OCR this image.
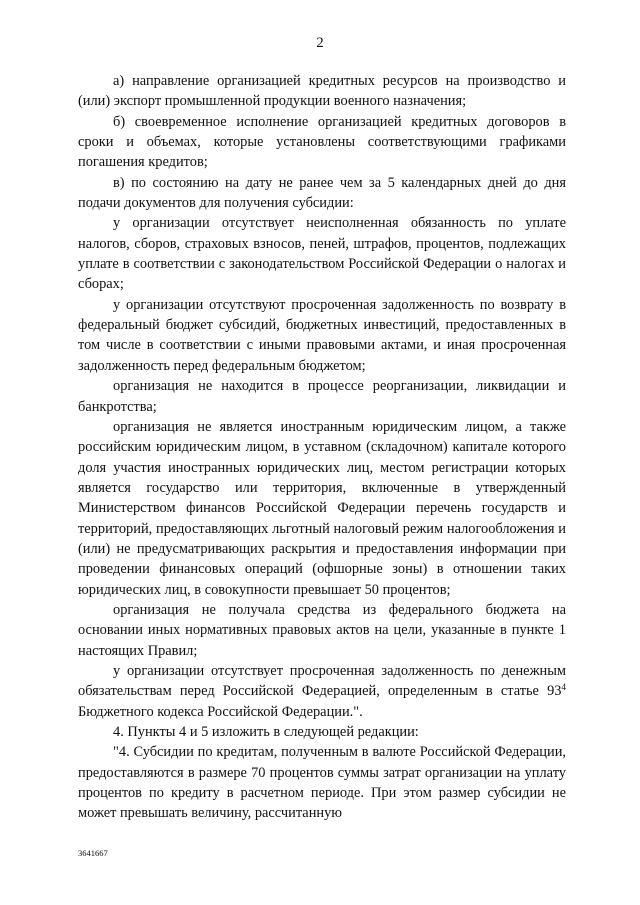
2

а) направление организацией кредитных ресурсов на производство и (или) экспорт промышленной продукции военного назначения;

б) своевременное исполнение организацией кредитных договоров в сроки и объемах, которые установлены соответствующими графиками погашения кредитов;

в) по состоянию на дату не ранее чем за 5 календарных дней до дня подачи документов для получения субсидии:

у организации отсутствует неисполненная обязанность по уплате налогов, сборов, страховых взносов, пеней, штрафов, процентов, подлежащих уплате в соответствии с законодательством Российской Федерации о налогах и сборах;

у организации отсутствуют просроченная задолженность по возврату в федеральный бюджет субсидий, бюджетных инвестиций, предоставленных в том числе в соответствии с иными правовыми актами, и иная просроченная задолженность перед федеральным бюджетом;

организация не находится в процессе реорганизации, ликвидации и банкротства;

организация не является иностранным юридическим лицом, а также российским юридическим лицом, в уставном (складочном) капитале которого доля участия иностранных юридических лиц, местом регистрации которых является государство или территория, включенные в утвержденный Министерством финансов Российской Федерации перечень государств и территорий, предоставляющих льготный налоговый режим налогообложения и (или) не предусматривающих раскрытия и предоставления информации при проведении финансовых операций (офшорные зоны) в отношении таких юридических лиц, в совокупности превышает 50 процентов;

организация не получала средства из федерального бюджета на основании иных нормативных правовых актов на цели, указанные в пункте 1 настоящих Правил;

у организации отсутствует просроченная задолженность по денежным обязательствам перед Российской Федерацией, определенным в статье $93^4$ Бюджетного кодекса Российской Федерации.".

4. Пункты 4 и 5 изложить в следующей редакции:

"4. Субсидии по кредитам, полученным в валюте Российской Федерации, предоставляются в размере 70 процентов суммы затрат организации на уплату процентов по кредиту в расчетном периоде. При этом размер субсидии не может превышать величину, рассчитанную

3641667
